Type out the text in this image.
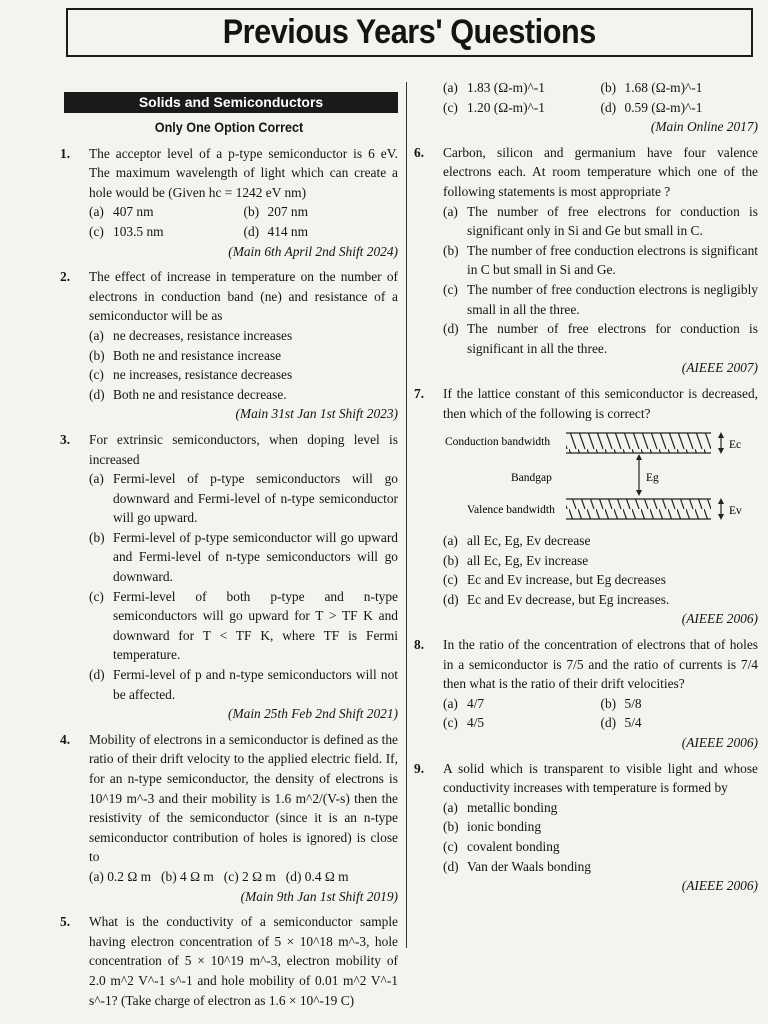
Previous Years' Questions
Solids and Semiconductors
Only One Option Correct
1.	The acceptor level of a p-type semiconductor is 6 eV. The maximum wavelength of light which can create a hole would be (Given hc = 1242 eV nm)
(a) 407 nm	(b) 207 nm
(c) 103.5 nm	(d) 414 nm
(Main 6th April 2nd Shift 2024)
2.	The effect of increase in temperature on the number of electrons in conduction band (ne) and resistance of a semiconductor will be as
(a) ne decreases, resistance increases
(b) Both ne and resistance increase
(c) ne increases, resistance decreases
(d) Both ne and resistance decrease.
(Main 31st Jan 1st Shift 2023)
3.	For extrinsic semiconductors, when doping level is increased
(a) Fermi-level of p-type semiconductors will go downward and Fermi-level of n-type semiconductor will go upward.
(b) Fermi-level of p-type semiconductor will go upward and Fermi-level of n-type semiconductors will go downward.
(c) Fermi-level of both p-type and n-type semiconductors will go upward for T > TF K and downward for T < TF K, where TF is Fermi temperature.
(d) Fermi-level of p and n-type semiconductors will not be affected.
(Main 25th Feb 2nd Shift 2021)
4.	Mobility of electrons in a semiconductor is defined as the ratio of their drift velocity to the applied electric field. If, for an n-type semiconductor, the density of electrons is 10^19 m^-3 and their mobility is 1.6 m^2/(V-s) then the resistivity of the semiconductor (since it is an n-type semiconductor contribution of holes is ignored) is close to
(a) 0.2 Ω m (b) 4 Ω m (c) 2 Ω m (d) 0.4 Ω m
(Main 9th Jan 1st Shift 2019)
5.	What is the conductivity of a semiconductor sample having electron concentration of 5 × 10^18 m^-3, hole concentration of 5 × 10^19 m^-3, electron mobility of 2.0 m^2 V^-1 s^-1 and hole mobility of 0.01 m^2 V^-1 s^-1? (Take charge of electron as 1.6 × 10^-19 C)
(a) 1.83 (Ω-m)^-1	(b) 1.68 (Ω-m)^-1
(c) 1.20 (Ω-m)^-1	(d) 0.59 (Ω-m)^-1
(Main Online 2017)
6.	Carbon, silicon and germanium have four valence electrons each. At room temperature which one of the following statements is most appropriate ?
(a) The number of free electrons for conduction is significant only in Si and Ge but small in C.
(b) The number of free conduction electrons is significant in C but small in Si and Ge.
(c) The number of free conduction electrons is negligibly small in all the three.
(d) The number of free electrons for conduction is significant in all the three.
(AIEEE 2007)
7.	If the lattice constant of this semiconductor is decreased, then which of the following is correct?
Conduction bandwidth	Ec
Bandgap	Eg
Valence bandwidth	Ev
(a) all Ec, Eg, Ev decrease
(b) all Ec, Eg, Ev increase
(c) Ec and Ev increase, but Eg decreases
(d) Ec and Ev decrease, but Eg increases.
(AIEEE 2006)
8.	In the ratio of the concentration of electrons that of holes in a semiconductor is 7/5 and the ratio of currents is 7/4 then what is the ratio of their drift velocities?
(a) 4/7	(b) 5/8
(c) 4/5	(d) 5/4
(AIEEE 2006)
9.	A solid which is transparent to visible light and whose conductivity increases with temperature is formed by
(a) metallic bonding
(b) ionic bonding
(c) covalent bonding
(d) Van der Waals bonding
(AIEEE 2006)
